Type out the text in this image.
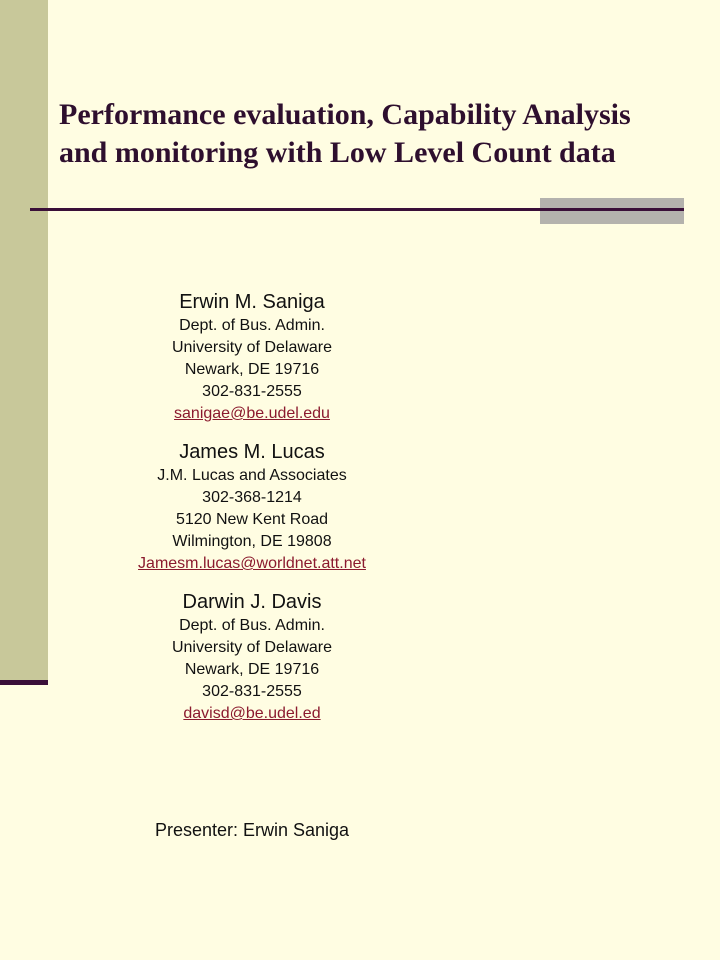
Performance evaluation, Capability Analysis
and monitoring with Low Level Count data
Erwin M. Saniga
Dept. of Bus. Admin.
University of Delaware
Newark, DE 19716
302-831-2555
sanigae@be.udel.edu
James M. Lucas
J.M. Lucas and Associates
302-368-1214
5120 New Kent Road
Wilmington, DE 19808
Jamesm.lucas@worldnet.att.net
Darwin J. Davis
Dept. of Bus. Admin.
University of Delaware
Newark, DE 19716
302-831-2555
davisd@be.udel.ed
Presenter: Erwin Saniga
